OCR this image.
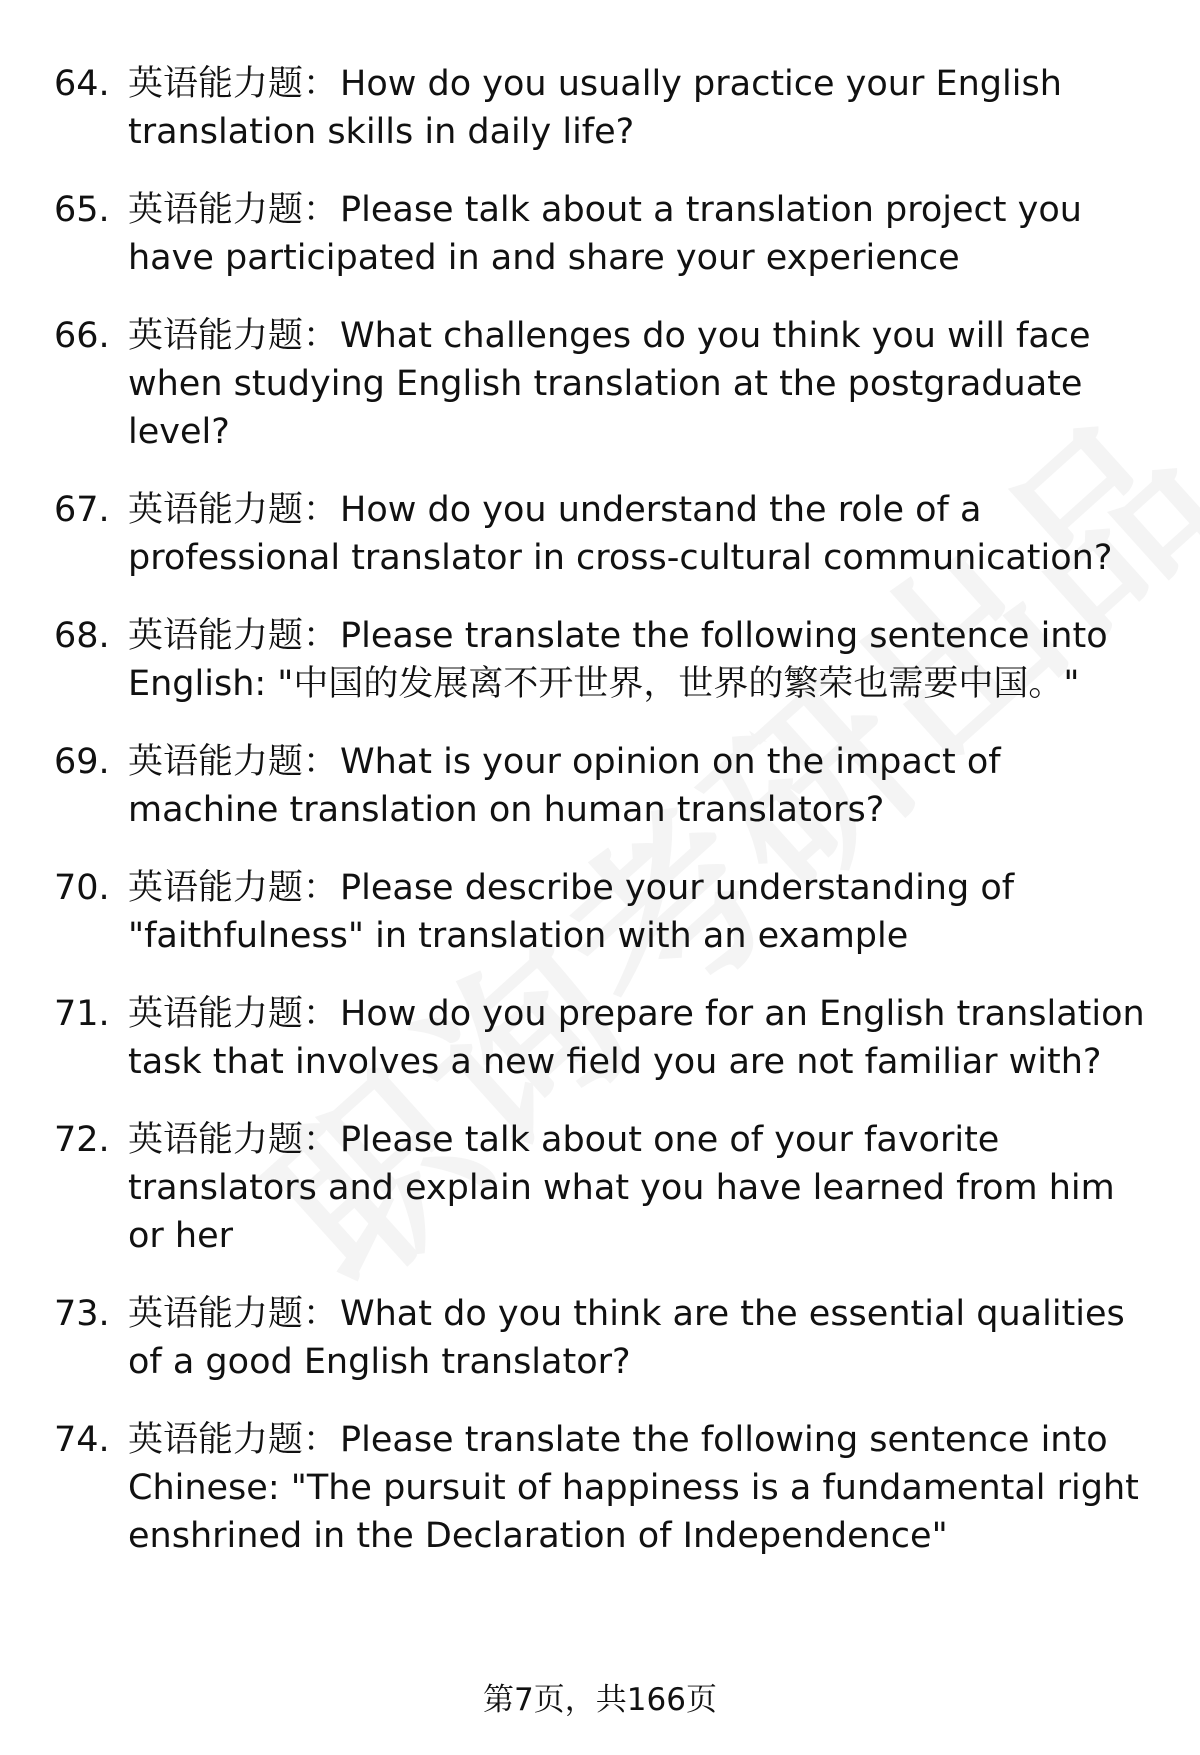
64. 英语能力题：How do you usually practice your English translation skills in daily life?
65. 英语能力题：Please talk about a translation project you have participated in and share your experience
66. 英语能力题：What challenges do you think you will face when studying English translation at the postgraduate level?
67. 英语能力题：How do you understand the role of a professional translator in cross-cultural communication?
68. 英语能力题：Please translate the following sentence into English: "中国的发展离不开世界，世界的繁荣也需要中国。"
69. 英语能力题：What is your opinion on the impact of machine translation on human translators?
70. 英语能力题：Please describe your understanding of "faithfulness" in translation with an example
71. 英语能力题：How do you prepare for an English translation task that involves a new field you are not familiar with?
72. 英语能力题：Please talk about one of your favorite translators and explain what you have learned from him or her
73. 英语能力题：What do you think are the essential qualities of a good English translator?
74. 英语能力题：Please translate the following sentence into Chinese: "The pursuit of happiness is a fundamental right enshrined in the Declaration of Independence"
第7页，共166页
